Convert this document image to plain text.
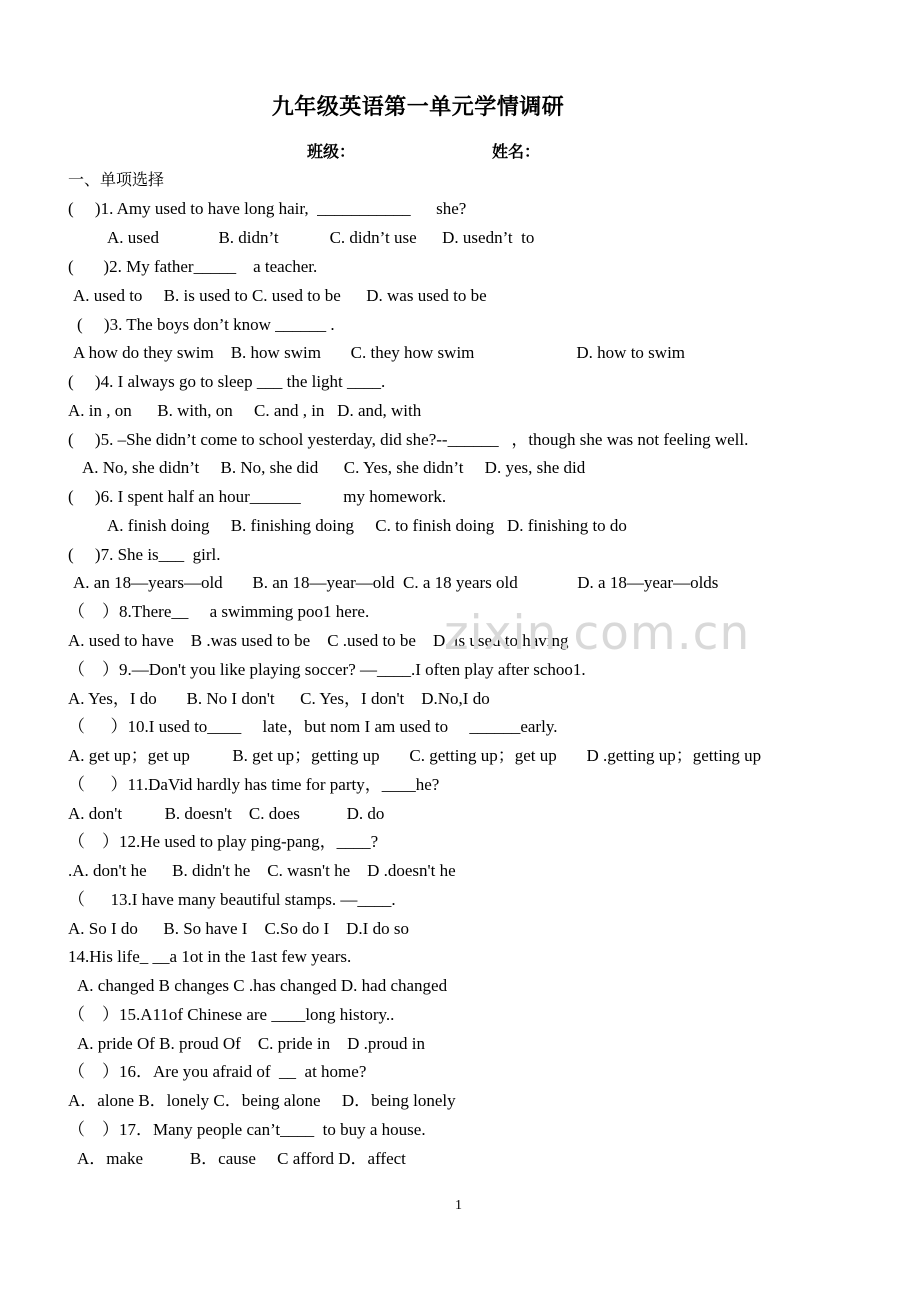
九年级英语第一单元学情调研
班级：	姓名：
一、单项选择
(     )1. Amy used to have long hair,  ___________      she?
A. used              B. didn’t            C. didn’t use      D. usedn’t  to
(       )2. My father_____    a teacher.
A. used to     B. is used to C. used to be      D. was used to be
(     )3. The boys don’t know ______ .
A how do they swim    B. how swim       C. they how swim                        D. how to swim
(     )4. I always go to sleep ___ the light ____.
A. in , on      B. with, on     C. and , in   D. and, with
(     )5. –She didn’t come to school yesterday, did she?--______   ，though she was not feeling well.
A. No, she didn’t     B. No, she did      C. Yes, she didn’t     D. yes, she did
(     )6. I spent half an hour______          my homework.
A. finish doing     B. finishing doing     C. to finish doing   D. finishing to do
(     )7. She is___  girl.
A. an 18—years—old       B. an 18—year—old  C. a 18 years old              D. a 18—year—olds
（    ）8.There__     a swimming poo1 here.
A. used to have    B .was used to be    C .used to be    D. is used to having
（    ）9.—Don't you like playing soccer? —____.I often play after schoo1.
A. Yes，I do       B. No I don't      C. Yes，I don't    D.No,I do
（      ）10.I used to____     late，but nom I am used to     ______early.
A. get up；get up          B. get up；getting up       C. getting up；get up       D .getting up；getting up
（      ）11.DaVid hardly has time for party，____he?
A. don't          B. doesn't    C. does           D. do
（    ）12.He used to play ping-pang，____?
.A. don't he      B. didn't he    C. wasn't he    D .doesn't he
（      13.I have many beautiful stamps. —____.
A. So I do      B. So have I    C.So do I    D.I do so
14.His life_ __a 1ot in the 1ast few years.
A. changed B changes C .has changed D. had changed
（    ）15.A11of Chinese are ____long history..
A. pride Of B. proud Of    C. pride in    D .proud in
（    ）16．Are you afraid of  __  at home?
A．alone B．lonely C．being alone     D．being lonely
（    ）17．Many people can’t____  to buy a house.
A．make           B．cause     C afford D．affect
zixin.com.cn
1
